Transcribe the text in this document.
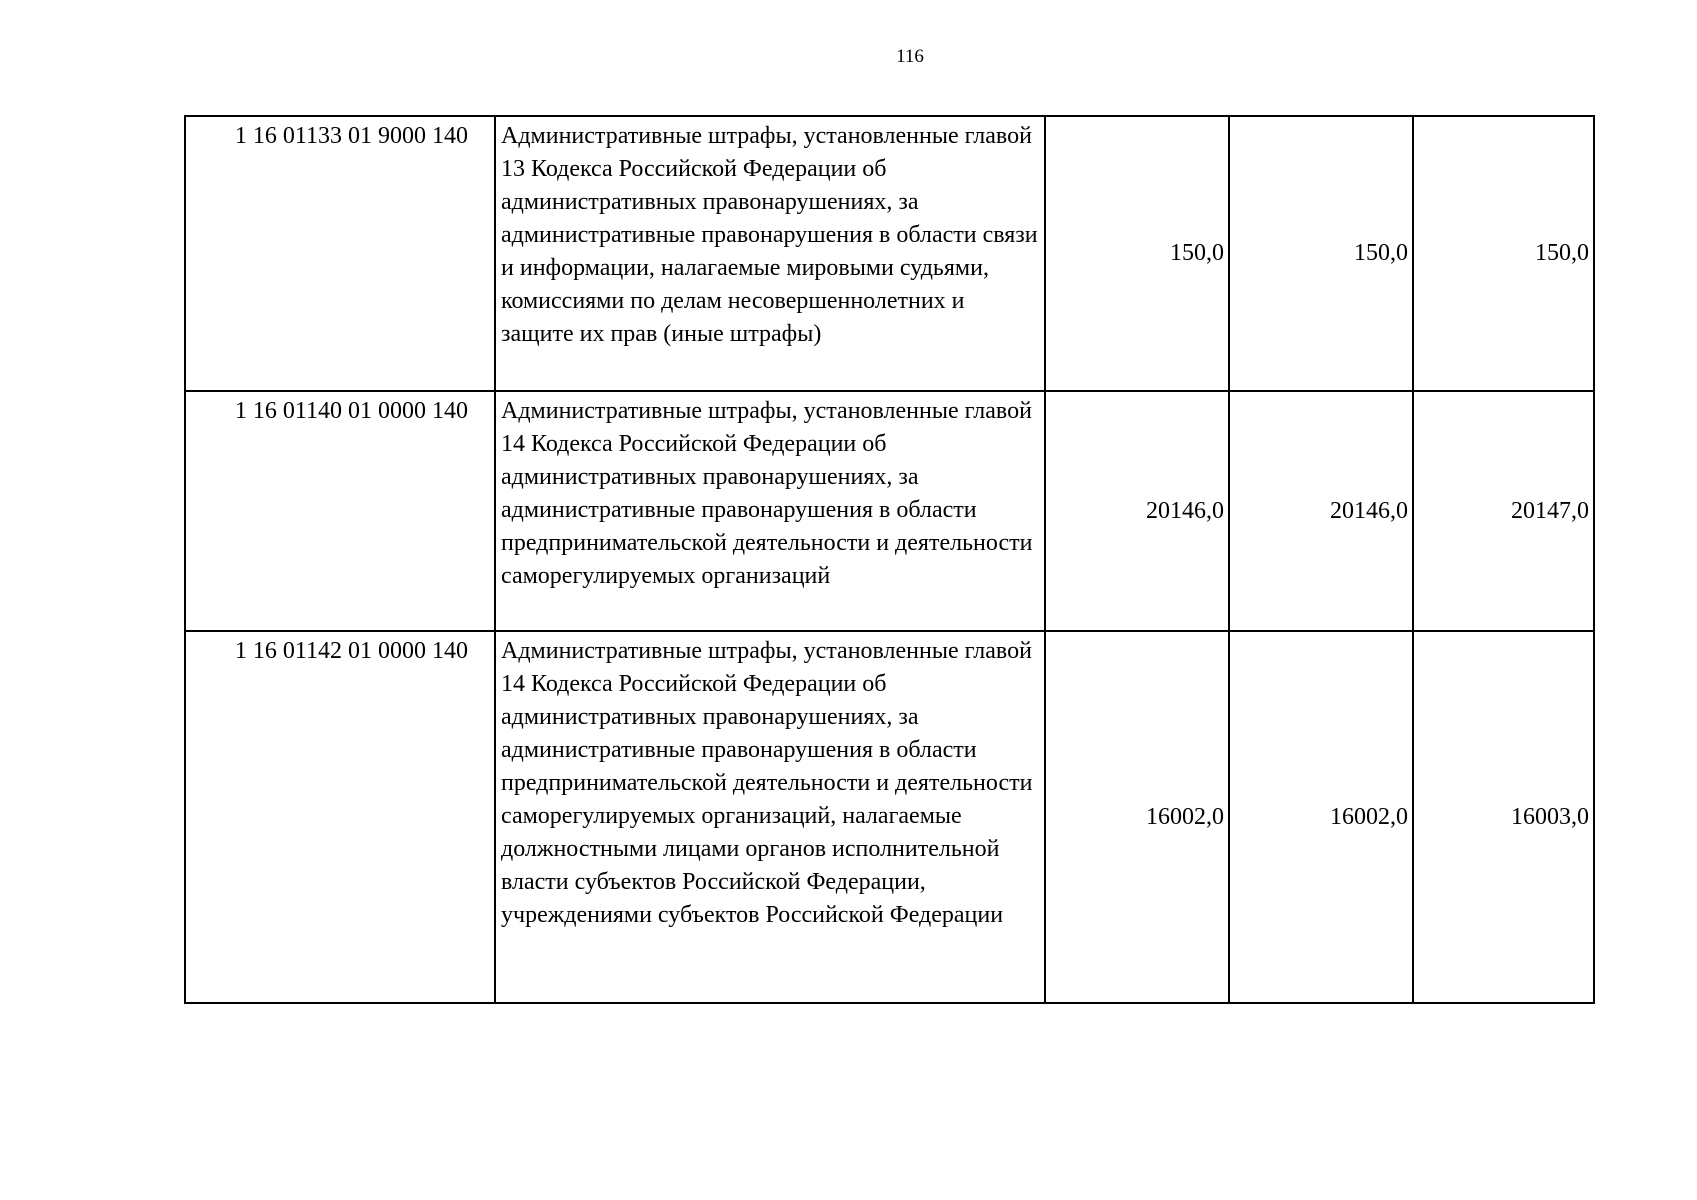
116
1 16 01133 01 9000 140	Административные штрафы, установленные главой 13 Кодекса Российской Федерации об административных правонарушениях, за административные правонарушения в области связи и информации, налагаемые мировыми судьями, комиссиями по делам несовершеннолетних и защите их прав (иные штрафы)	150,0	150,0	150,0
1 16 01140 01 0000 140	Административные штрафы, установленные главой 14 Кодекса Российской Федерации об административных правонарушениях, за административные правонарушения в области предпринимательской деятельности и деятельности саморегулируемых организаций	20146,0	20146,0	20147,0
1 16 01142 01 0000 140	Административные штрафы, установленные главой 14 Кодекса Российской Федерации об административных правонарушениях, за административные правонарушения в области предпринимательской деятельности и деятельности саморегулируемых организаций, налагаемые должностными лицами органов исполнительной власти субъектов Российской Федерации, учреждениями субъектов Российской Федерации	16002,0	16002,0	16003,0
